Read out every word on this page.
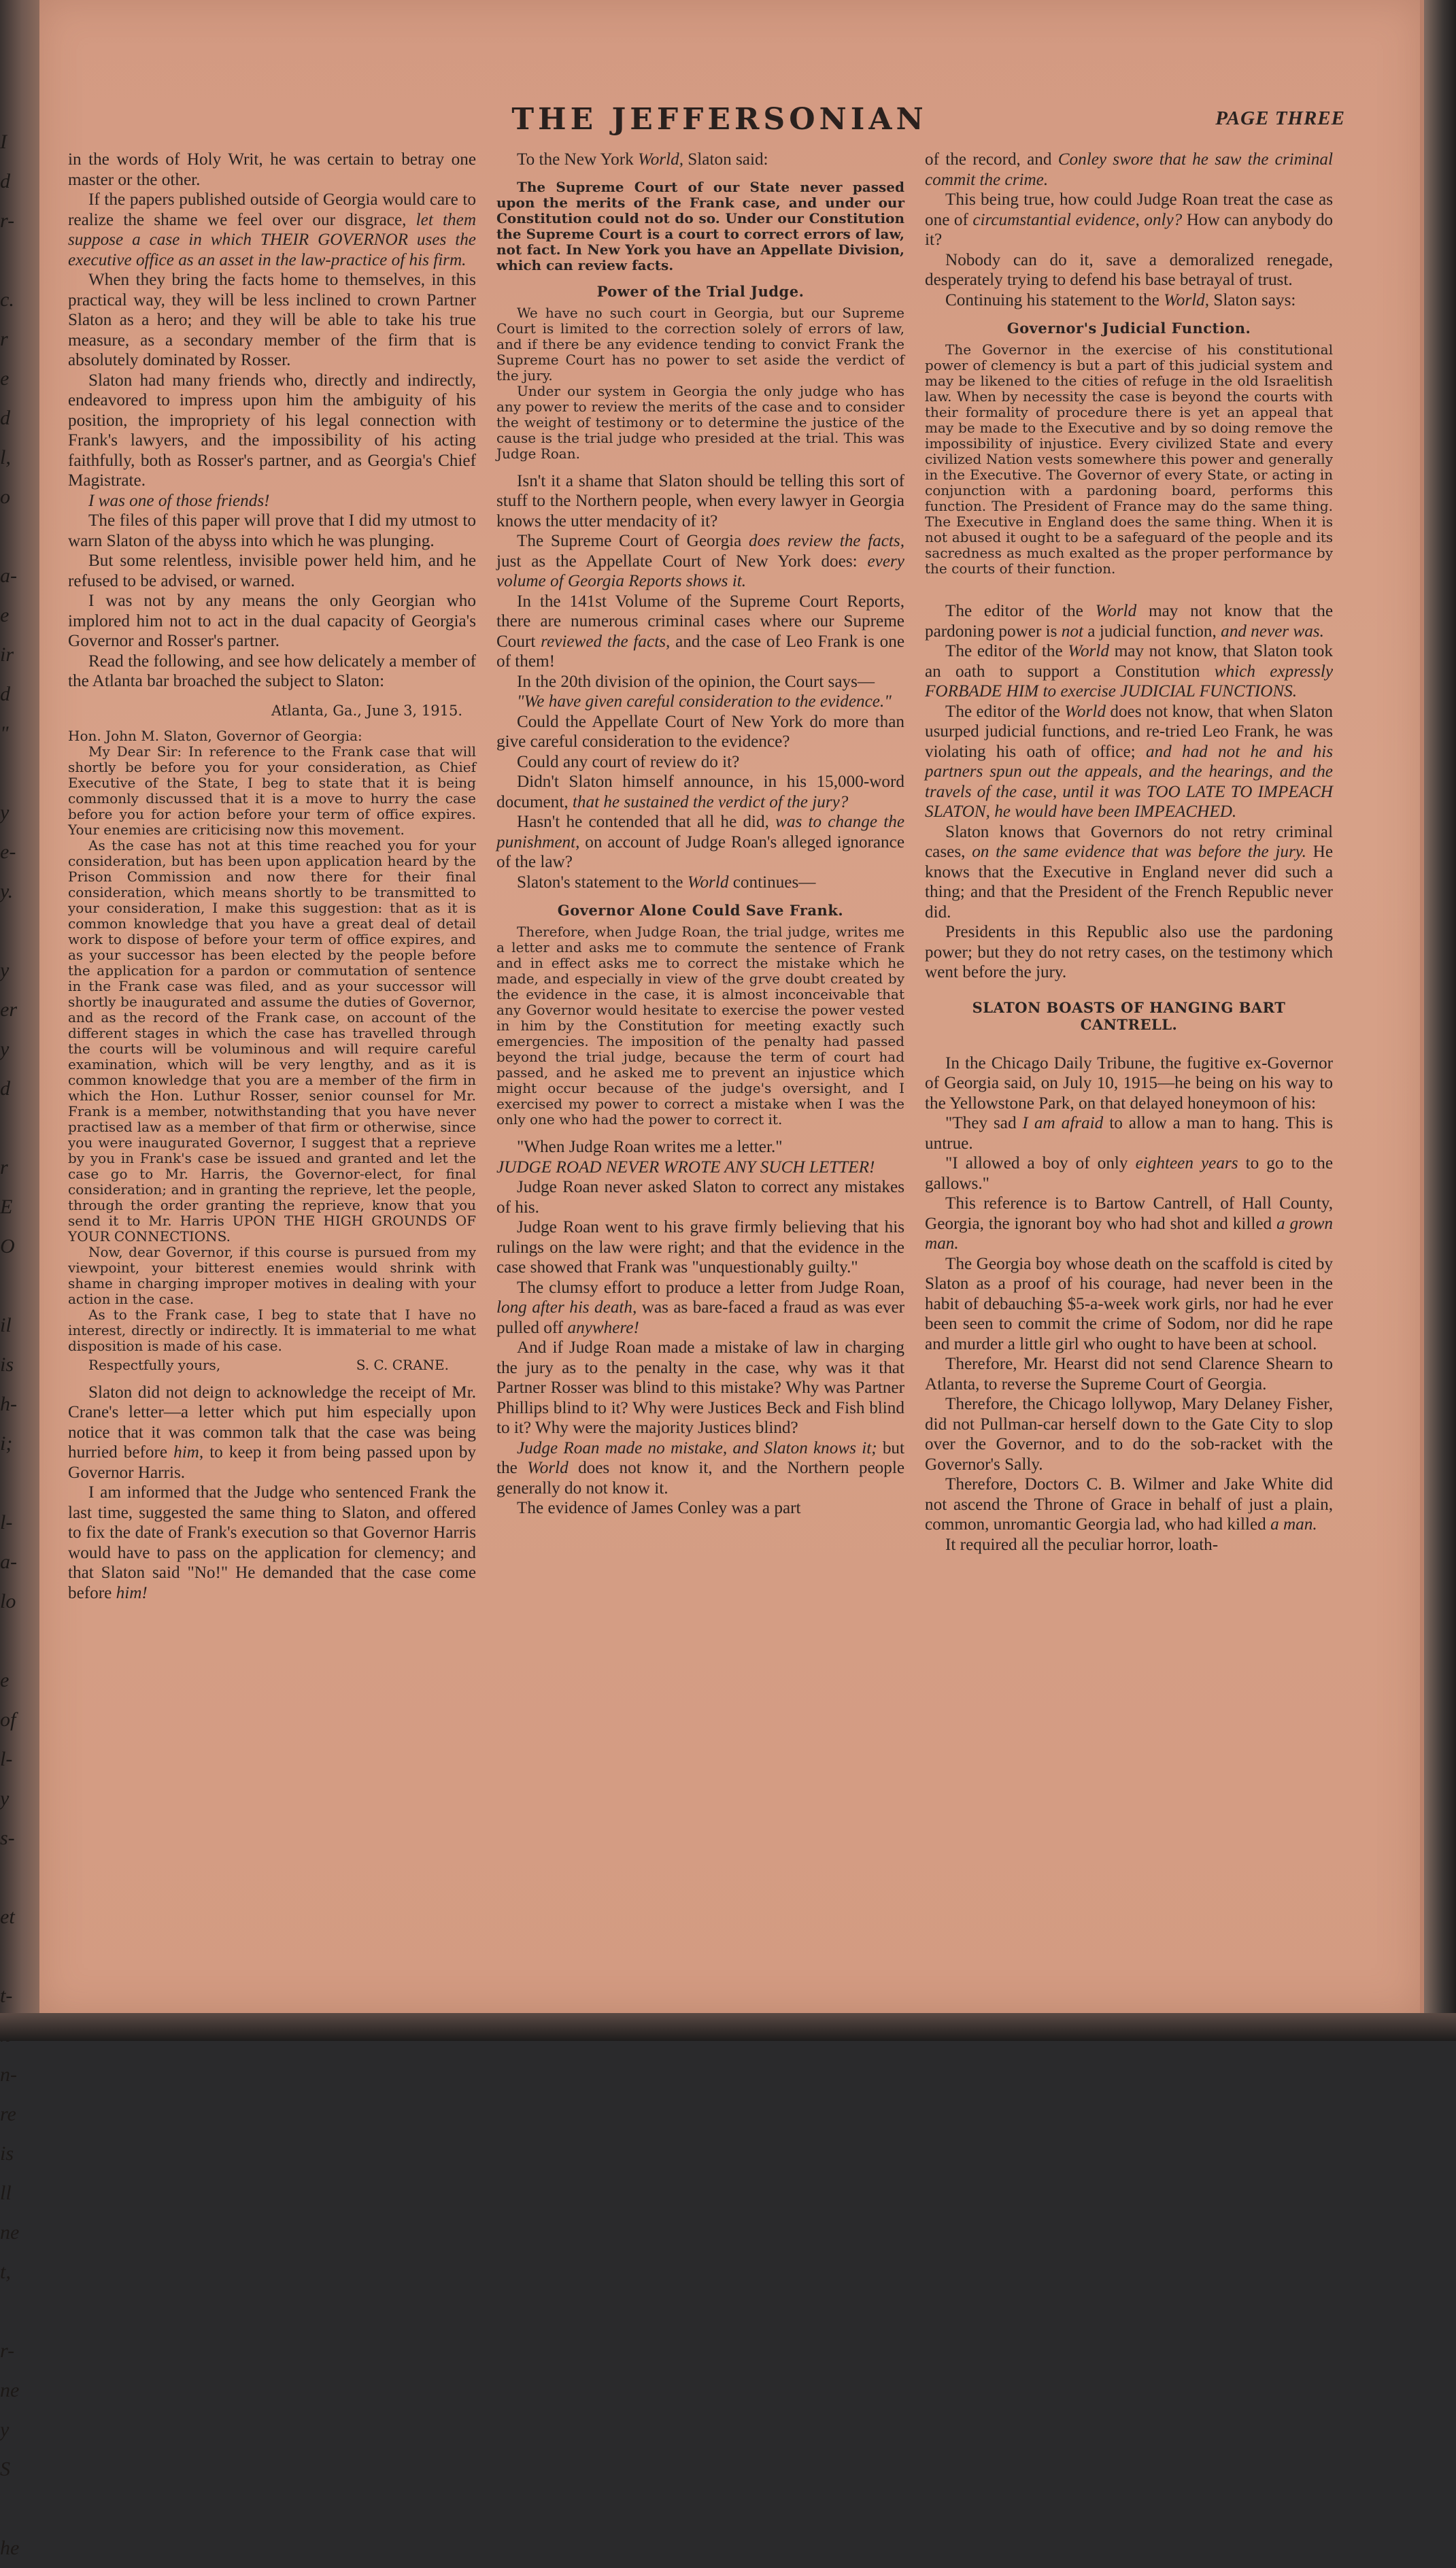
I
d
r-

c.
r
e
d
l,
o

a-
e
ir
d
"

y
e-
y.

y
er
y
d

r
E
O

il
is
h-
i;

l-
a-
lo

e
of
l-
y
s-

et

t-

n-
re
is
ll
ne
t,

r-
ne
y
S

he
THE JEFFERSONIAN	PAGE THREE

in the words of Holy Writ, he was certain to betray one master or the other.

If the papers published outside of Georgia would care to realize the shame we feel over our disgrace, let them suppose a case in which THEIR GOVERNOR uses the executive office as an asset in the law-practice of his firm.

When they bring the facts home to themselves, in this practical way, they will be less inclined to crown Partner Slaton as a hero; and they will be able to take his true measure, as a secondary member of the firm that is absolutely dominated by Rosser.

Slaton had many friends who, directly and indirectly, endeavored to impress upon him the ambiguity of his position, the impropriety of his legal connection with Frank's lawyers, and the impossibility of his acting faithfully, both as Rosser's partner, and as Georgia's Chief Magistrate.

I was one of those friends!

The files of this paper will prove that I did my utmost to warn Slaton of the abyss into which he was plunging.

But some relentless, invisible power held him, and he refused to be advised, or warned.

I was not by any means the only Georgian who implored him not to act in the dual capacity of Georgia's Governor and Rosser's partner.

Read the following, and see how delicately a member of the Atlanta bar broached the subject to Slaton:

Atlanta, Ga., June 3, 1915.

Hon. John M. Slaton, Governor of Georgia:

My Dear Sir: In reference to the Frank case that will shortly be before you for your consideration, as Chief Executive of the State, I beg to state that it is being commonly discussed that it is a move to hurry the case before you for action before your term of office expires. Your enemies are criticising now this movement.

As the case has not at this time reached you for your consideration, but has been upon application heard by the Prison Commission and now there for their final consideration, which means shortly to be transmitted to your consideration, I make this suggestion: that as it is common knowledge that you have a great deal of detail work to dispose of before your term of office expires, and as your successor has been elected by the people before the application for a pardon or commutation of sentence in the Frank case was filed, and as your successor will shortly be inaugurated and assume the duties of Governor, and as the record of the Frank case, on account of the different stages in which the case has travelled through the courts will be voluminous and will require careful examination, which will be very lengthy, and as it is common knowledge that you are a member of the firm in which the Hon. Luthur Rosser, senior counsel for Mr. Frank is a member, notwithstanding that you have never practised law as a member of that firm or otherwise, since you were inaugurated Governor, I suggest that a reprieve by you in Frank's case be issued and granted and let the case go to Mr. Harris, the Governor-elect, for final consideration; and in granting the reprieve, let the people, through the order granting the reprieve, know that you send it to Mr. Harris UPON THE HIGH GROUNDS OF YOUR CONNECTIONS.

Now, dear Governor, if this course is pursued from my viewpoint, your bitterest enemies would shrink with shame in charging improper motives in dealing with your action in the case.

As to the Frank case, I beg to state that I have no interest, directly or indirectly. It is immaterial to me what disposition is made of his case.

Respectfully yours,	S. C. CRANE.

Slaton did not deign to acknowledge the receipt of Mr. Crane's letter—a letter which put him especially upon notice that it was common talk that the case was being hurried before him, to keep it from being passed upon by Governor Harris.

I am informed that the Judge who sentenced Frank the last time, suggested the same thing to Slaton, and offered to fix the date of Frank's execution so that Governor Harris would have to pass on the application for clemency; and that Slaton said "No!" He demanded that the case come before him!

To the New York World, Slaton said:

The Supreme Court of our State never passed upon the merits of the Frank case, and under our Constitution could not do so. Under our Constitution the Supreme Court is a court to correct errors of law, not fact. In New York you have an Appellate Division, which can review facts.

Power of the Trial Judge.

We have no such court in Georgia, but our Supreme Court is limited to the correction solely of errors of law, and if there be any evidence tending to convict Frank the Supreme Court has no power to set aside the verdict of the jury.

Under our system in Georgia the only judge who has any power to review the merits of the case and to consider the weight of testimony or to determine the justice of the cause is the trial judge who presided at the trial. This was Judge Roan.

Isn't it a shame that Slaton should be telling this sort of stuff to the Northern people, when every lawyer in Georgia knows the utter mendacity of it?

The Supreme Court of Georgia does review the facts, just as the Appellate Court of New York does: every volume of Georgia Reports shows it.

In the 141st Volume of the Supreme Court Reports, there are numerous criminal cases where our Supreme Court reviewed the facts, and the case of Leo Frank is one of them!

In the 20th division of the opinion, the Court says—

"We have given careful consideration to the evidence."

Could the Appellate Court of New York do more than give careful consideration to the evidence?

Could any court of review do it?

Didn't Slaton himself announce, in his 15,000-word document, that he sustained the verdict of the jury?

Hasn't he contended that all he did, was to change the punishment, on account of Judge Roan's alleged ignorance of the law?

Slaton's statement to the World continues—

Governor Alone Could Save Frank.

Therefore, when Judge Roan, the trial judge, writes me a letter and asks me to commute the sentence of Frank and in effect asks me to correct the mistake which he made, and especially in view of the grve doubt created by the evidence in the case, it is almost inconceivable that any Governor would hesitate to exercise the power vested in him by the Constitution for meeting exactly such emergencies. The imposition of the penalty had passed beyond the trial judge, because the term of court had passed, and he asked me to prevent an injustice which might occur because of the judge's oversight, and I exercised my power to correct a mistake when I was the only one who had the power to correct it.

"When Judge Roan writes me a letter."

JUDGE ROAD NEVER WROTE ANY SUCH LETTER!

Judge Roan never asked Slaton to correct any mistakes of his.

Judge Roan went to his grave firmly believing that his rulings on the law were right; and that the evidence in the case showed that Frank was "unquestionably guilty."

The clumsy effort to produce a letter from Judge Roan, long after his death, was as bare-faced a fraud as was ever pulled off anywhere!

And if Judge Roan made a mistake of law in charging the jury as to the penalty in the case, why was it that Partner Rosser was blind to this mistake? Why was Partner Phillips blind to it? Why were Justices Beck and Fish blind to it? Why were the majority Justices blind?

Judge Roan made no mistake, and Slaton knows it; but the World does not know it, and the Northern people generally do not know it.

The evidence of James Conley was a part

of the record, and Conley swore that he saw the criminal commit the crime.

This being true, how could Judge Roan treat the case as one of circumstantial evidence, only? How can anybody do it?

Nobody can do it, save a demoralized renegade, desperately trying to defend his base betrayal of trust.

Continuing his statement to the World, Slaton says:

Governor's Judicial Function.

The Governor in the exercise of his constitutional power of clemency is but a part of this judicial system and may be likened to the cities of refuge in the old Israelitish law. When by necessity the case is beyond the courts with their formality of procedure there is yet an appeal that may be made to the Executive and by so doing remove the impossibility of injustice. Every civilized State and every civilized Nation vests somewhere this power and generally in the Executive. The Governor of every State, or acting in conjunction with a pardoning board, performs this function. The President of France may do the same thing. The Executive in England does the same thing. When it is not abused it ought to be a safeguard of the people and its sacredness as much exalted as the proper performance by the courts of their function.

The editor of the World may not know that the pardoning power is not a judicial function, and never was.

The editor of the World may not know, that Slaton took an oath to support a Constitution which expressly FORBADE HIM to exercise JUDICIAL FUNCTIONS.

The editor of the World does not know, that when Slaton usurped judicial functions, and re-tried Leo Frank, he was violating his oath of office; and had not he and his partners spun out the appeals, and the hearings, and the travels of the case, until it was TOO LATE TO IMPEACH SLATON, he would have been IMPEACHED.

Slaton knows that Governors do not retry criminal cases, on the same evidence that was before the jury. He knows that the Executive in England never did such a thing; and that the President of the French Republic never did.

Presidents in this Republic also use the pardoning power; but they do not retry cases, on the testimony which went before the jury.

SLATON BOASTS OF HANGING BART CANTRELL.

In the Chicago Daily Tribune, the fugitive ex-Governor of Georgia said, on July 10, 1915—he being on his way to the Yellowstone Park, on that delayed honeymoon of his:

"They sad I am afraid to allow a man to hang. This is untrue.

"I allowed a boy of only eighteen years to go to the gallows."

This reference is to Bartow Cantrell, of Hall County, Georgia, the ignorant boy who had shot and killed a grown man.

The Georgia boy whose death on the scaffold is cited by Slaton as a proof of his courage, had never been in the habit of debauching $5-a-week work girls, nor had he ever been seen to commit the crime of Sodom, nor did he rape and murder a little girl who ought to have been at school.

Therefore, Mr. Hearst did not send Clarence Shearn to Atlanta, to reverse the Supreme Court of Georgia.

Therefore, the Chicago lollywop, Mary Delaney Fisher, did not Pullman-car herself down to the Gate City to slop over the Governor, and to do the sob-racket with the Governor's Sally.

Therefore, Doctors C. B. Wilmer and Jake White did not ascend the Throne of Grace in behalf of just a plain, common, unromantic Georgia lad, who had killed a man.

It required all the peculiar horror, loath-
